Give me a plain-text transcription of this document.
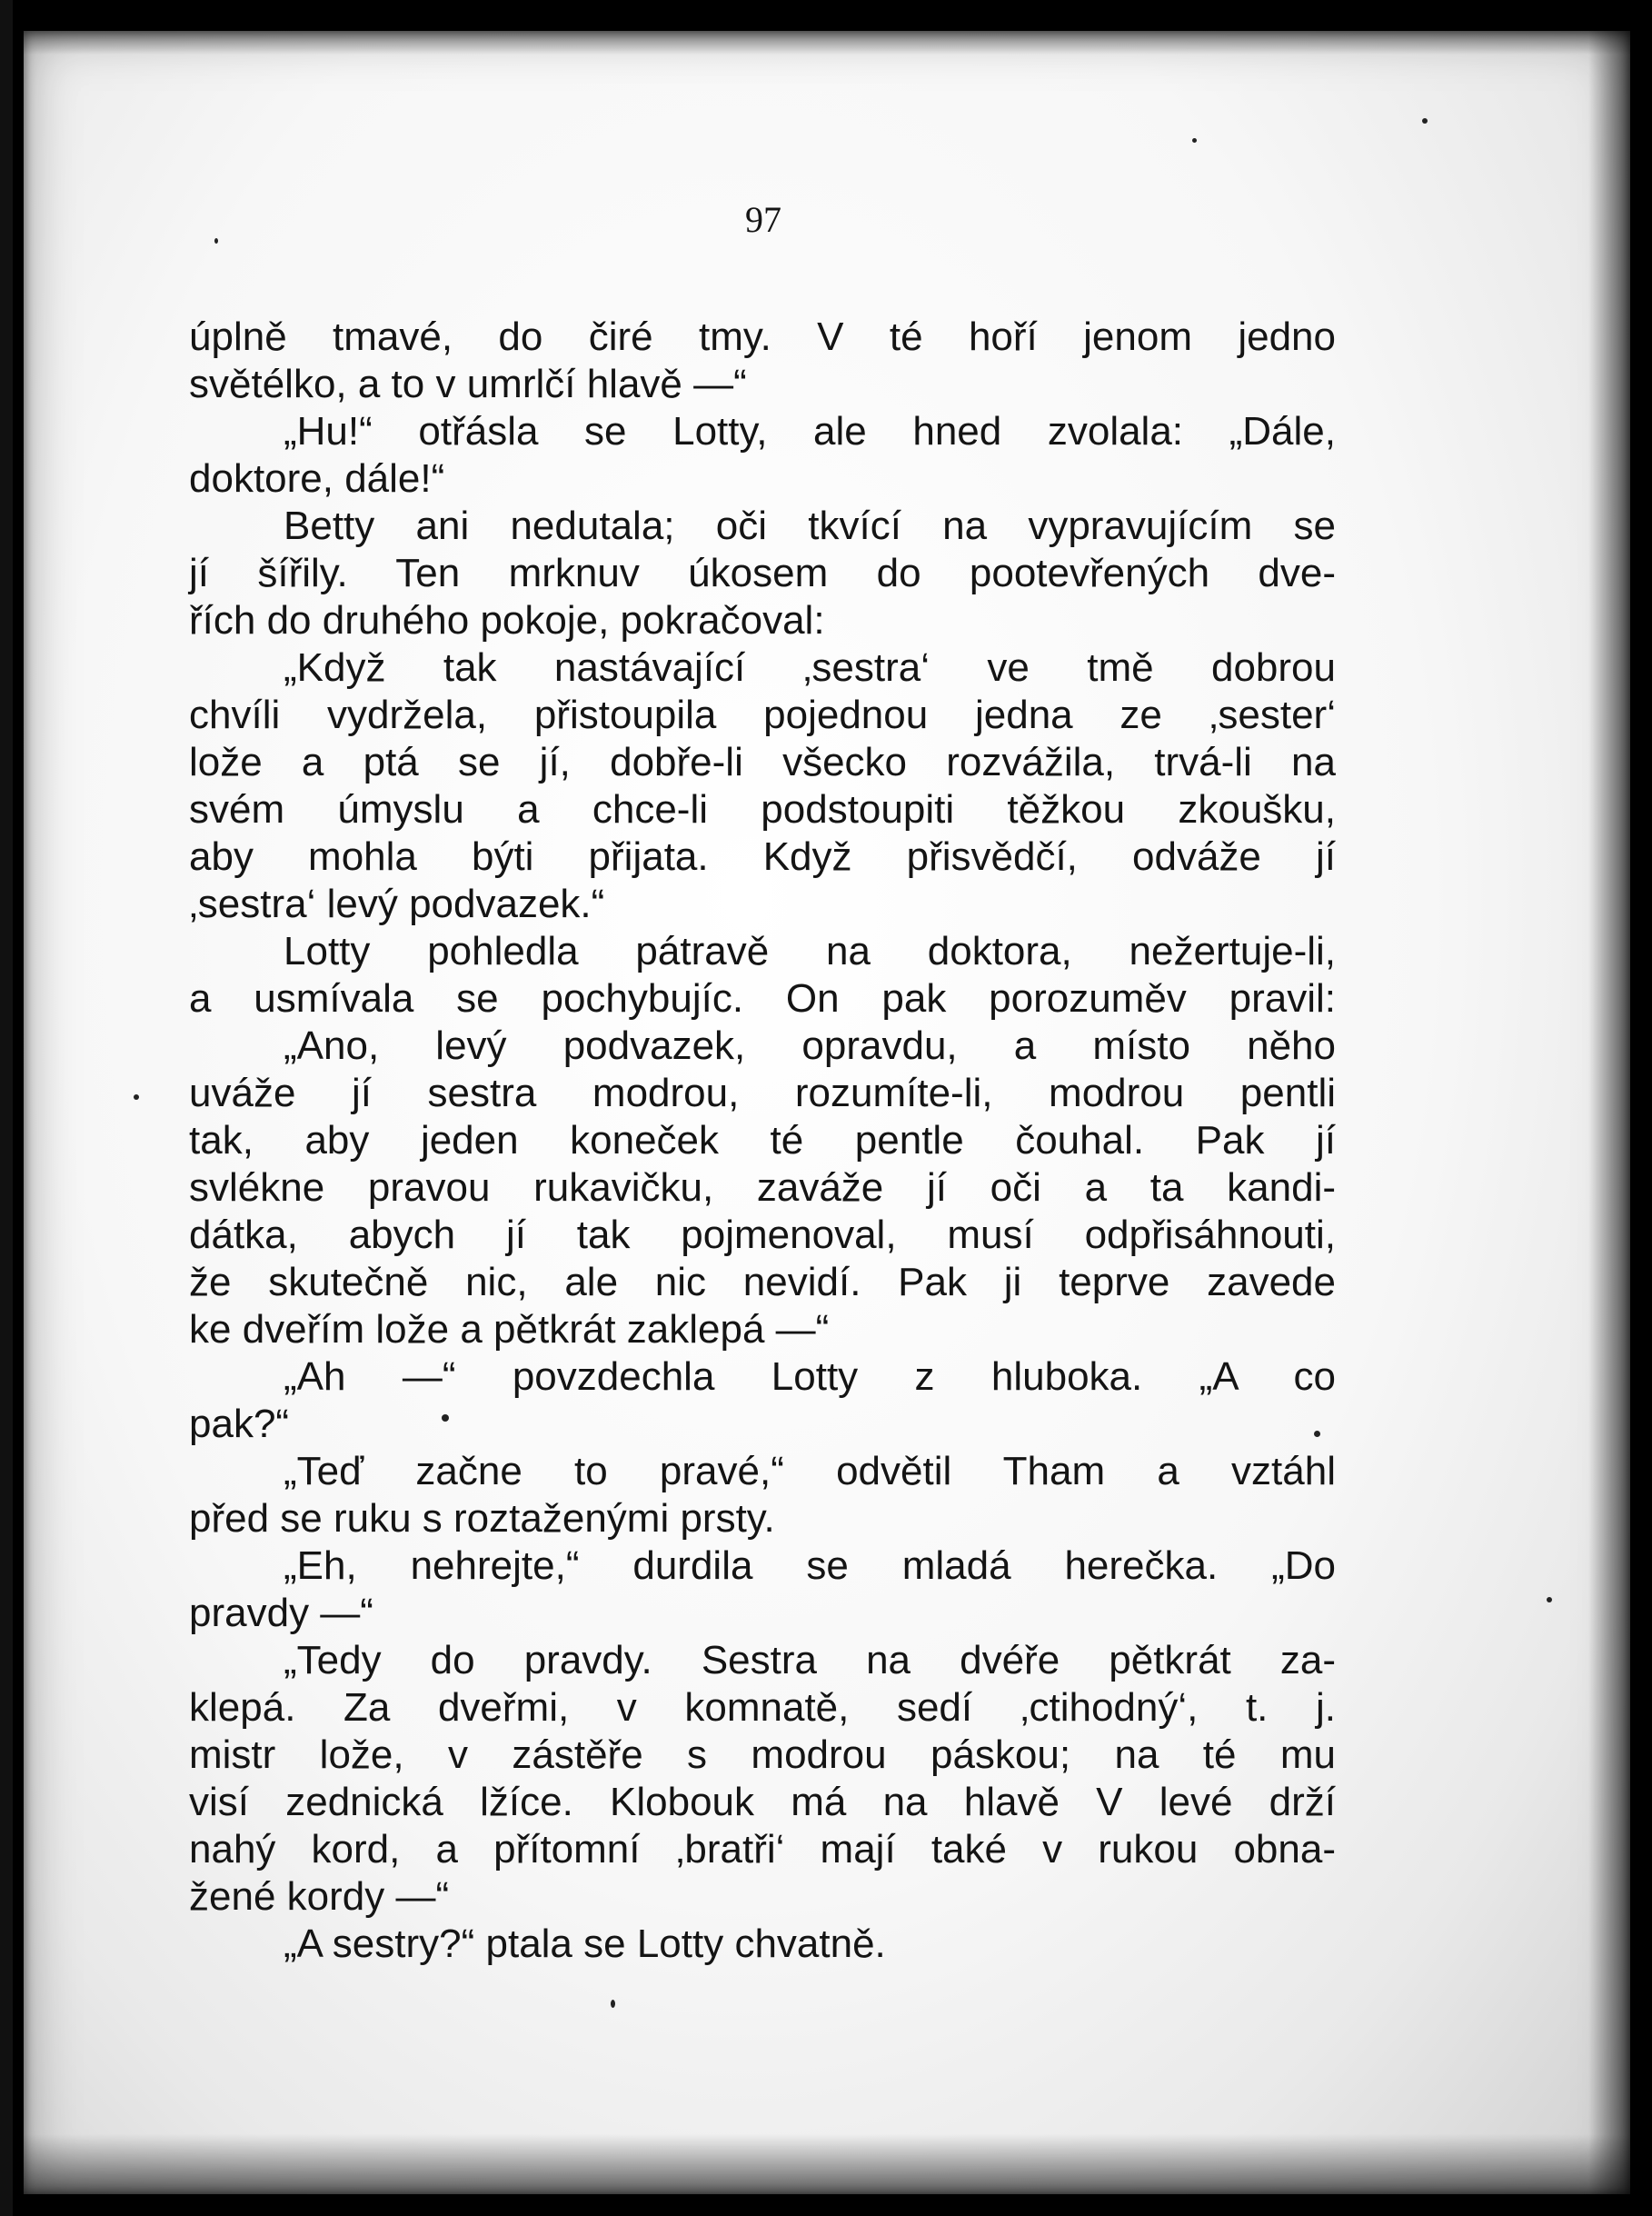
97
úplně tmavé, do čiré tmy. V té hoří jenom jedno
světélko, a to v umrlčí hlavě —“
„Hu!“ otřásla se Lotty, ale hned zvolala: „Dále,
doktore, dále!“
Betty ani nedutala; oči tkvící na vypravujícím se
jí šířily. Ten mrknuv úkosem do pootevřených dve-
řích do druhého pokoje, pokračoval:
„Když tak nastávající ‚sestra‘ ve tmě dobrou
chvíli vydržela, přistoupila pojednou jedna ze ‚sester‘
lože a ptá se jí, dobře-li všecko rozvážila, trvá-li na
svém úmyslu a chce-li podstoupiti těžkou zkoušku,
aby mohla býti přijata. Když přisvědčí, odváže jí
‚sestra‘ levý podvazek.“
Lotty pohledla pátravě na doktora, nežertuje-li,
a usmívala se pochybujíc. On pak porozuměv pravil:
„Ano, levý podvazek, opravdu, a místo něho
uváže jí sestra modrou, rozumíte-li, modrou pentli
tak, aby jeden koneček té pentle čouhal. Pak jí
svlékne pravou rukavičku, zaváže jí oči a ta kandi-
dátka, abych jí tak pojmenoval, musí odpřisáhnouti,
že skutečně nic, ale nic nevidí. Pak ji teprve zavede
ke dveřím lože a pětkrát zaklepá —“
„Ah —“ povzdechla Lotty z hluboka. „A co
pak?“
„Teď začne to pravé,“ odvětil Tham a vztáhl
před se ruku s roztaženými prsty.
„Eh, nehrejte,“ durdila se mladá herečka. „Do
pravdy —“
„Tedy do pravdy. Sestra na dvéře pětkrát za-
klepá. Za dveřmi, v komnatě, sedí ‚ctihodný‘, t. j.
mistr lože, v zástěře s modrou páskou; na té mu
visí zednická lžíce. Klobouk má na hlavě V levé drží
nahý kord, a přítomní ‚bratři‘ mají také v rukou obna-
žené kordy —“
„A sestry?“ ptala se Lotty chvatně.
